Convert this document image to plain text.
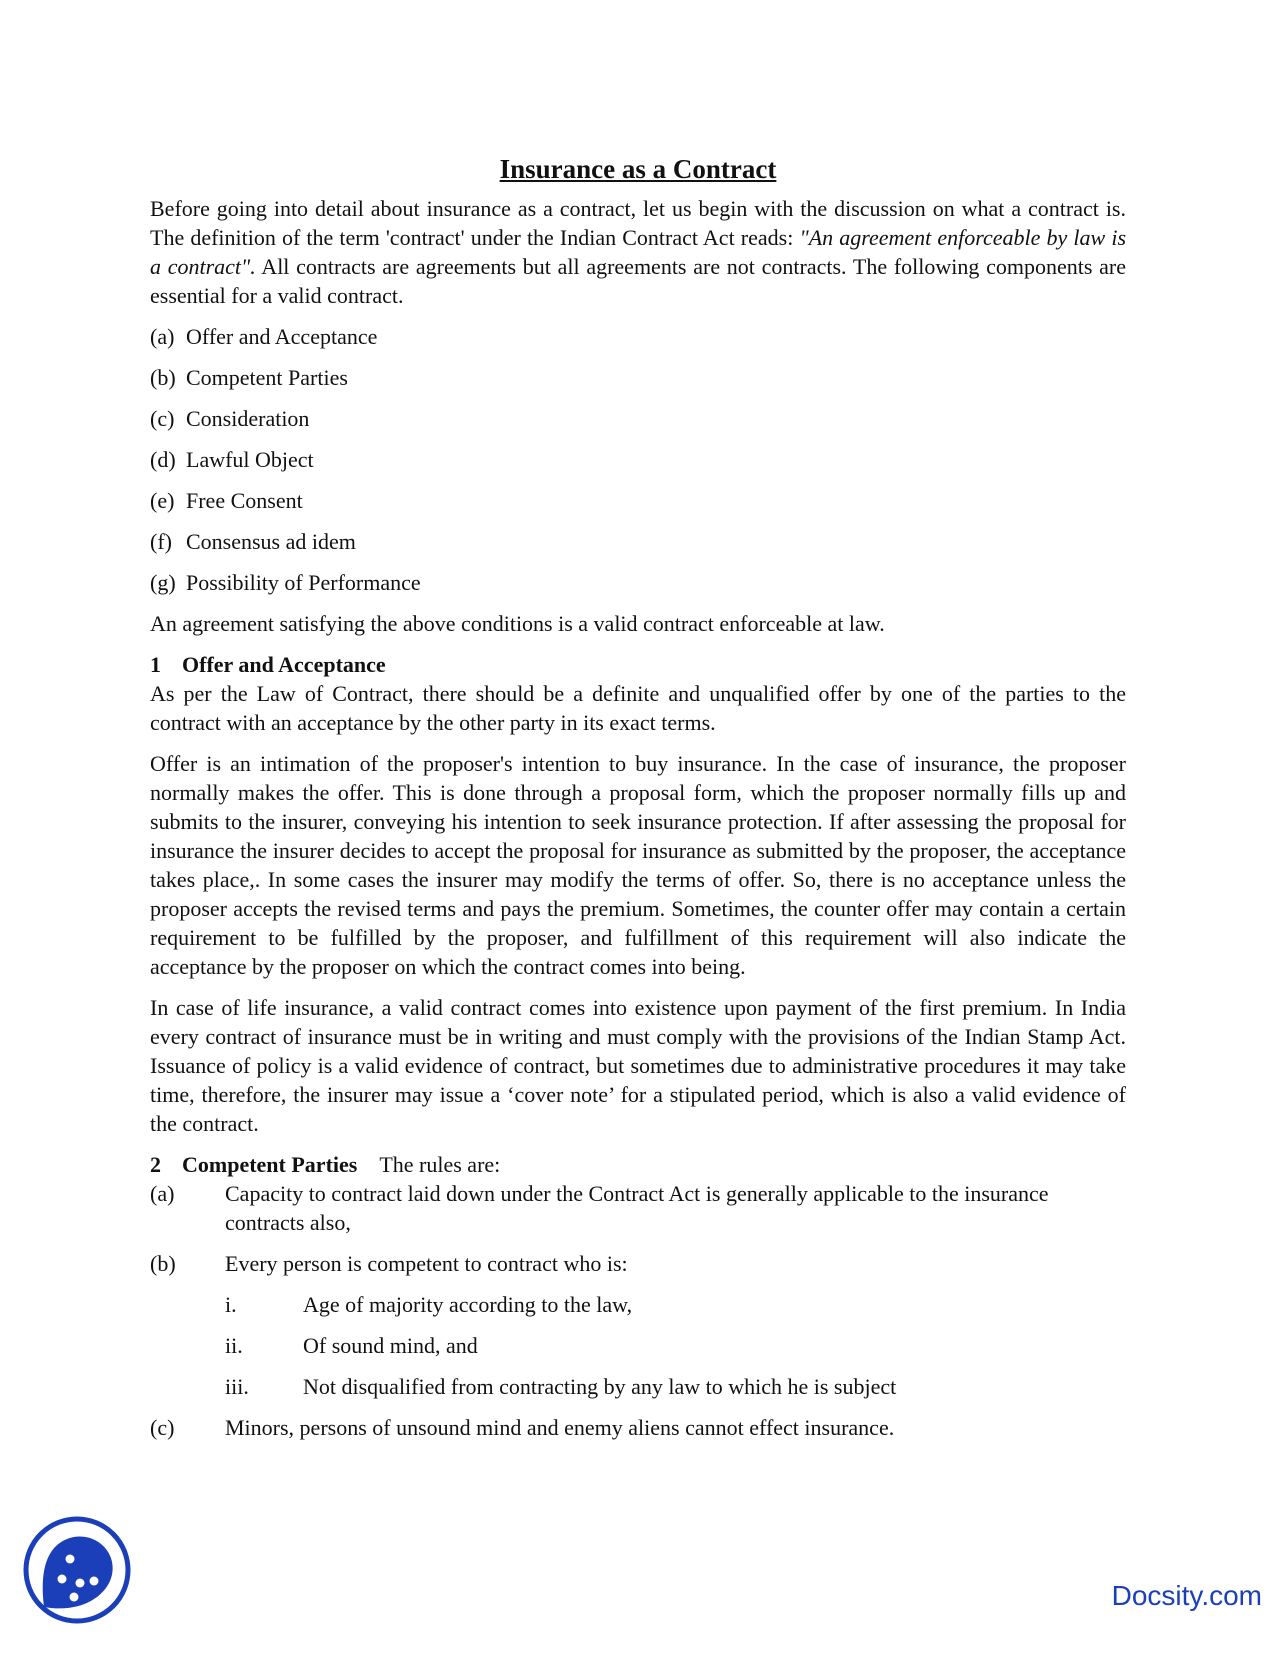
Insurance as a Contract

Before going into detail about insurance as a contract, let us begin with the discussion on what a contract is. The definition of the term 'contract' under the Indian Contract Act reads: "An agreement enforceable by law is a contract". All contracts are agreements but all agreements are not contracts. The following components are essential for a valid contract.

(a) Offer and Acceptance
(b) Competent Parties
(c) Consideration
(d) Lawful Object
(e) Free Consent
(f) Consensus ad idem
(g) Possibility of Performance

An agreement satisfying the above conditions is a valid contract enforceable at law.

1 Offer and Acceptance

As per the Law of Contract, there should be a definite and unqualified offer by one of the parties to the contract with an acceptance by the other party in its exact terms.

Offer is an intimation of the proposer's intention to buy insurance. In the case of insurance, the proposer normally makes the offer. This is done through a proposal form, which the proposer normally fills up and submits to the insurer, conveying his intention to seek insurance protection. If after assessing the proposal for insurance the insurer decides to accept the proposal for insurance as submitted by the proposer, the acceptance takes place,. In some cases the insurer may modify the terms of offer. So, there is no acceptance unless the proposer accepts the revised terms and pays the premium. Sometimes, the counter offer may contain a certain requirement to be fulfilled by the proposer, and fulfillment of this requirement will also indicate the acceptance by the proposer on which the contract comes into being.

In case of life insurance, a valid contract comes into existence upon payment of the first premium. In India every contract of insurance must be in writing and must comply with the provisions of the Indian Stamp Act. Issuance of policy is a valid evidence of contract, but sometimes due to administrative procedures it may take time, therefore, the insurer may issue a ‘cover note’ for a stipulated period, which is also a valid evidence of the contract.

2 Competent Parties The rules are:
(a)	Capacity to contract laid down under the Contract Act is generally applicable to the insurance contracts also,
(b)	Every person is competent to contract who is:
i.	Age of majority according to the law,
ii.	Of sound mind, and
iii.	Not disqualified from contracting by any law to which he is subject
(c)	Minors, persons of unsound mind and enemy aliens cannot effect insurance.
Docsity.com
